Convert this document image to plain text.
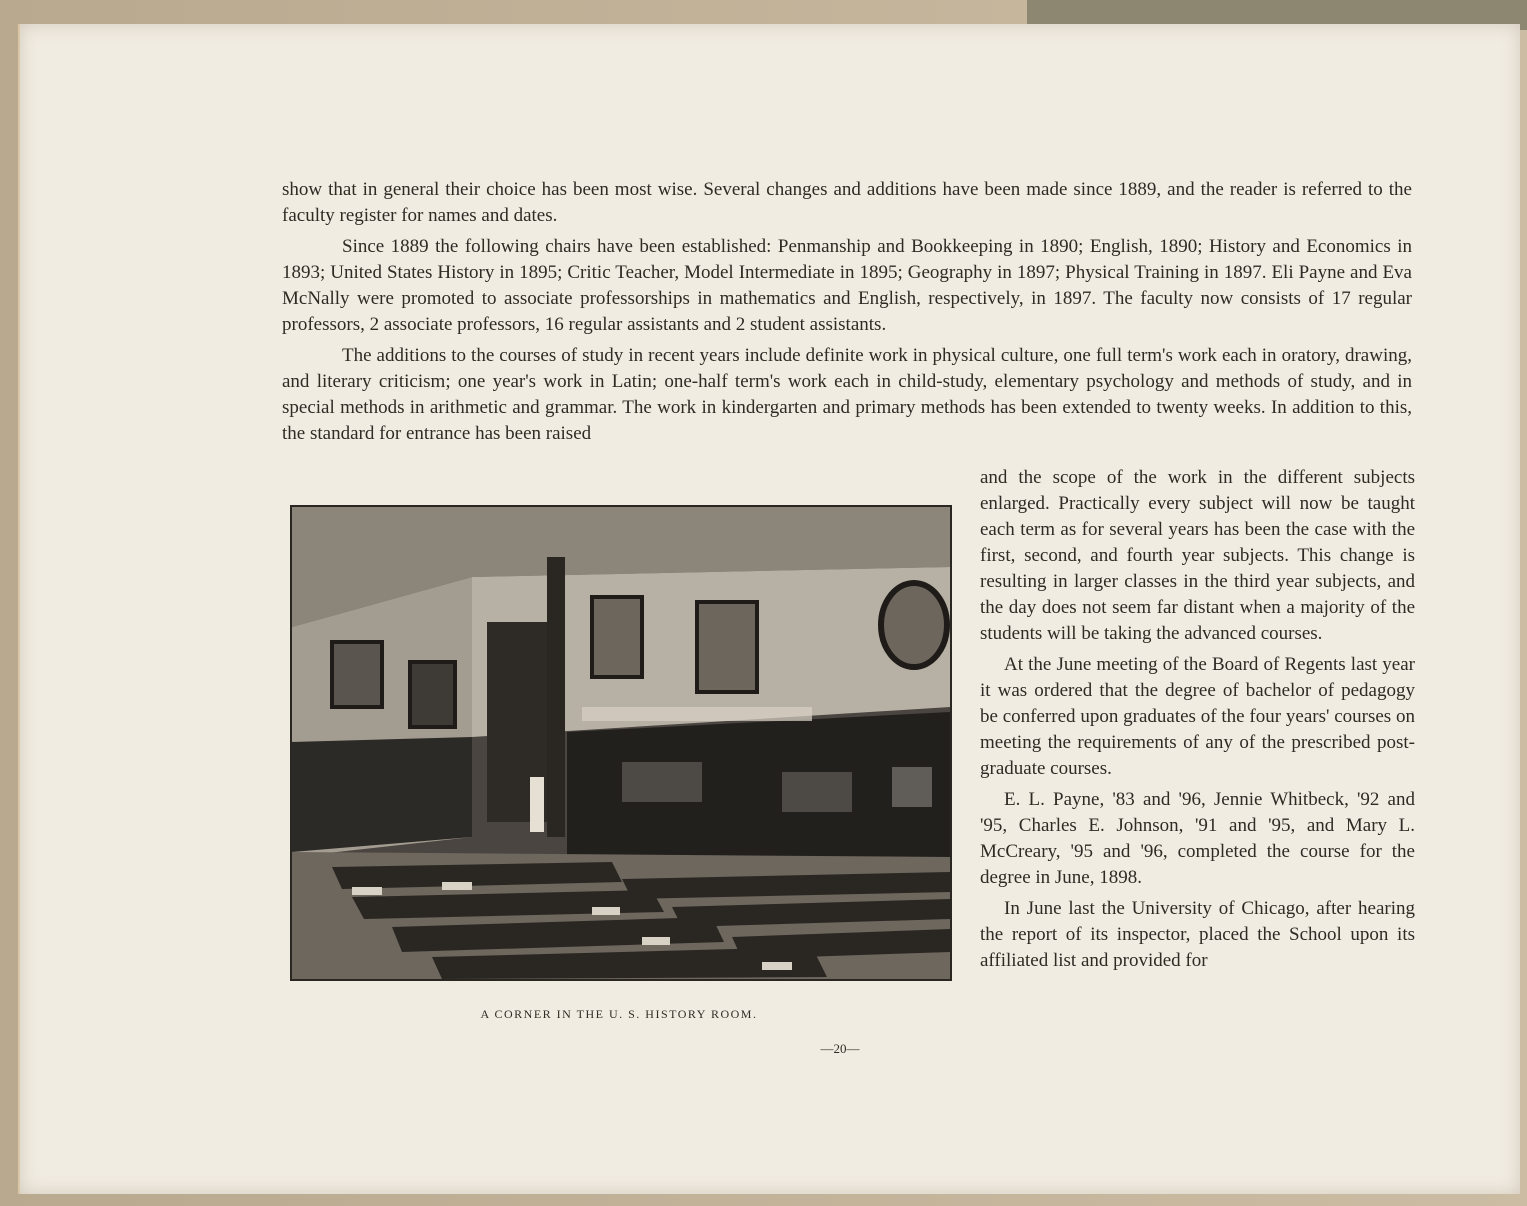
show that in general their choice has been most wise. Several changes and additions have been made since 1889, and the reader is referred to the faculty register for names and dates.

Since 1889 the following chairs have been established: Penmanship and Bookkeeping in 1890; English, 1890; History and Economics in 1893; United States History in 1895; Critic Teacher, Model Intermediate in 1895; Geography in 1897; Physical Training in 1897. Eli Payne and Eva McNally were promoted to associate professorships in mathematics and English, respectively, in 1897. The faculty now consists of 17 regular professors, 2 associate professors, 16 regular assistants and 2 student assistants.

The additions to the courses of study in recent years include definite work in physical culture, one full term's work each in oratory, drawing, and literary criticism; one year's work in Latin; one-half term's work each in child-study, elementary psychology and methods of study, and in special methods in arithmetic and grammar. The work in kindergarten and primary methods has been extended to twenty weeks. In addition to this, the standard for entrance has been raised

A CORNER IN THE U. S. HISTORY ROOM.

and the scope of the work in the different subjects enlarged. Practically every subject will now be taught each term as for several years has been the case with the first, second, and fourth year subjects. This change is resulting in larger classes in the third year subjects, and the day does not seem far distant when a majority of the students will be taking the advanced courses.

At the June meeting of the Board of Regents last year it was ordered that the degree of bachelor of pedagogy be conferred upon graduates of the four years' courses on meeting the requirements of any of the prescribed post-graduate courses.

E. L. Payne, '83 and '96, Jennie Whitbeck, '92 and '95, Charles E. Johnson, '91 and '95, and Mary L. McCreary, '95 and '96, completed the course for the degree in June, 1898.

In June last the University of Chicago, after hearing the report of its inspector, placed the School upon its affiliated list and provided for

—20—
